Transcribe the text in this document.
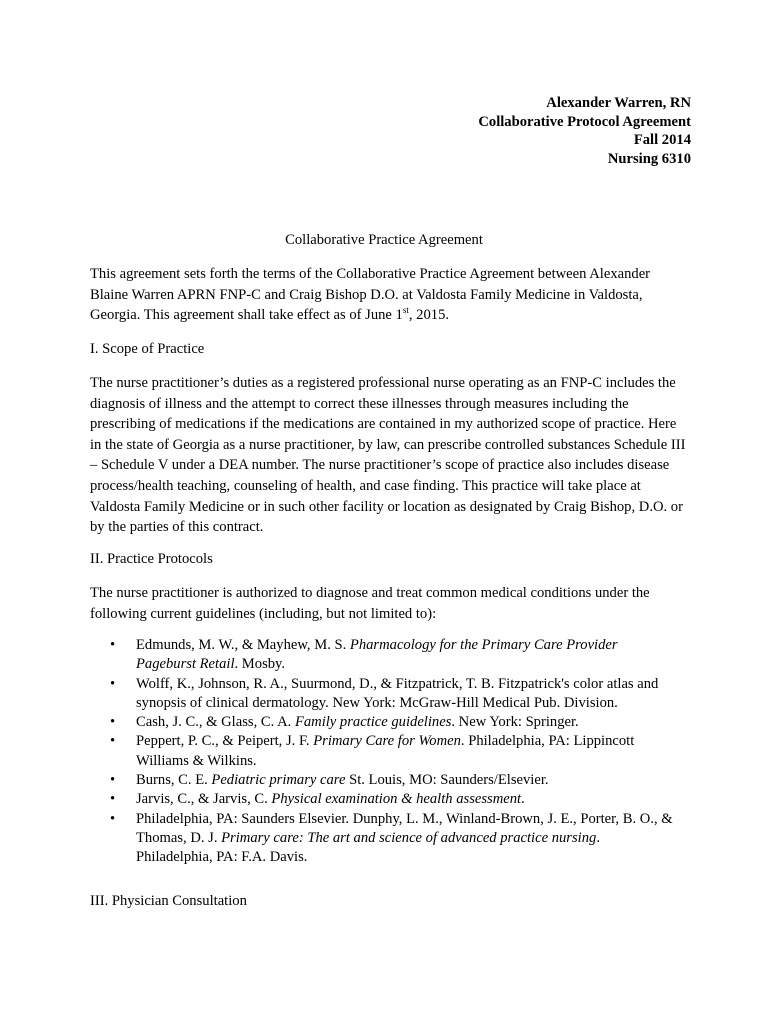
Alexander Warren, RN
Collaborative Protocol Agreement
Fall 2014
Nursing 6310
Collaborative Practice Agreement

This agreement sets forth the terms of the Collaborative Practice Agreement between Alexander Blaine Warren APRN FNP-C and Craig Bishop D.O. at Valdosta Family Medicine in Valdosta, Georgia. This agreement shall take effect as of June 1st, 2015.

I. Scope of Practice

The nurse practitioner’s duties as a registered professional nurse operating as an FNP-C includes the diagnosis of illness and the attempt to correct these illnesses through measures including the prescribing of medications if the medications are contained in my authorized scope of practice. Here in the state of Georgia as a nurse practitioner, by law, can prescribe controlled substances Schedule III – Schedule V under a DEA number. The nurse practitioner’s scope of practice also includes disease process/health teaching, counseling of health, and case finding. This practice will take place at Valdosta Family Medicine or in such other facility or location as designated by Craig Bishop, D.O. or by the parties of this contract.

II. Practice Protocols

The nurse practitioner is authorized to diagnose and treat common medical conditions under the following current guidelines (including, but not limited to):

• Edmunds, M. W., & Mayhew, M. S. Pharmacology for the Primary Care Provider Pageburst Retail. Mosby.
• Wolff, K., Johnson, R. A., Suurmond, D., & Fitzpatrick, T. B. Fitzpatrick's color atlas and synopsis of clinical dermatology. New York: McGraw-Hill Medical Pub. Division.
• Cash, J. C., & Glass, C. A. Family practice guidelines. New York: Springer.
• Peppert, P. C., & Peipert, J. F. Primary Care for Women. Philadelphia, PA: Lippincott Williams & Wilkins.
• Burns, C. E. Pediatric primary care St. Louis, MO: Saunders/Elsevier.
• Jarvis, C., & Jarvis, C. Physical examination & health assessment.
• Philadelphia, PA: Saunders Elsevier. Dunphy, L. M., Winland-Brown, J. E., Porter, B. O., & Thomas, D. J. Primary care: The art and science of advanced practice nursing. Philadelphia, PA: F.A. Davis.

III. Physician Consultation
